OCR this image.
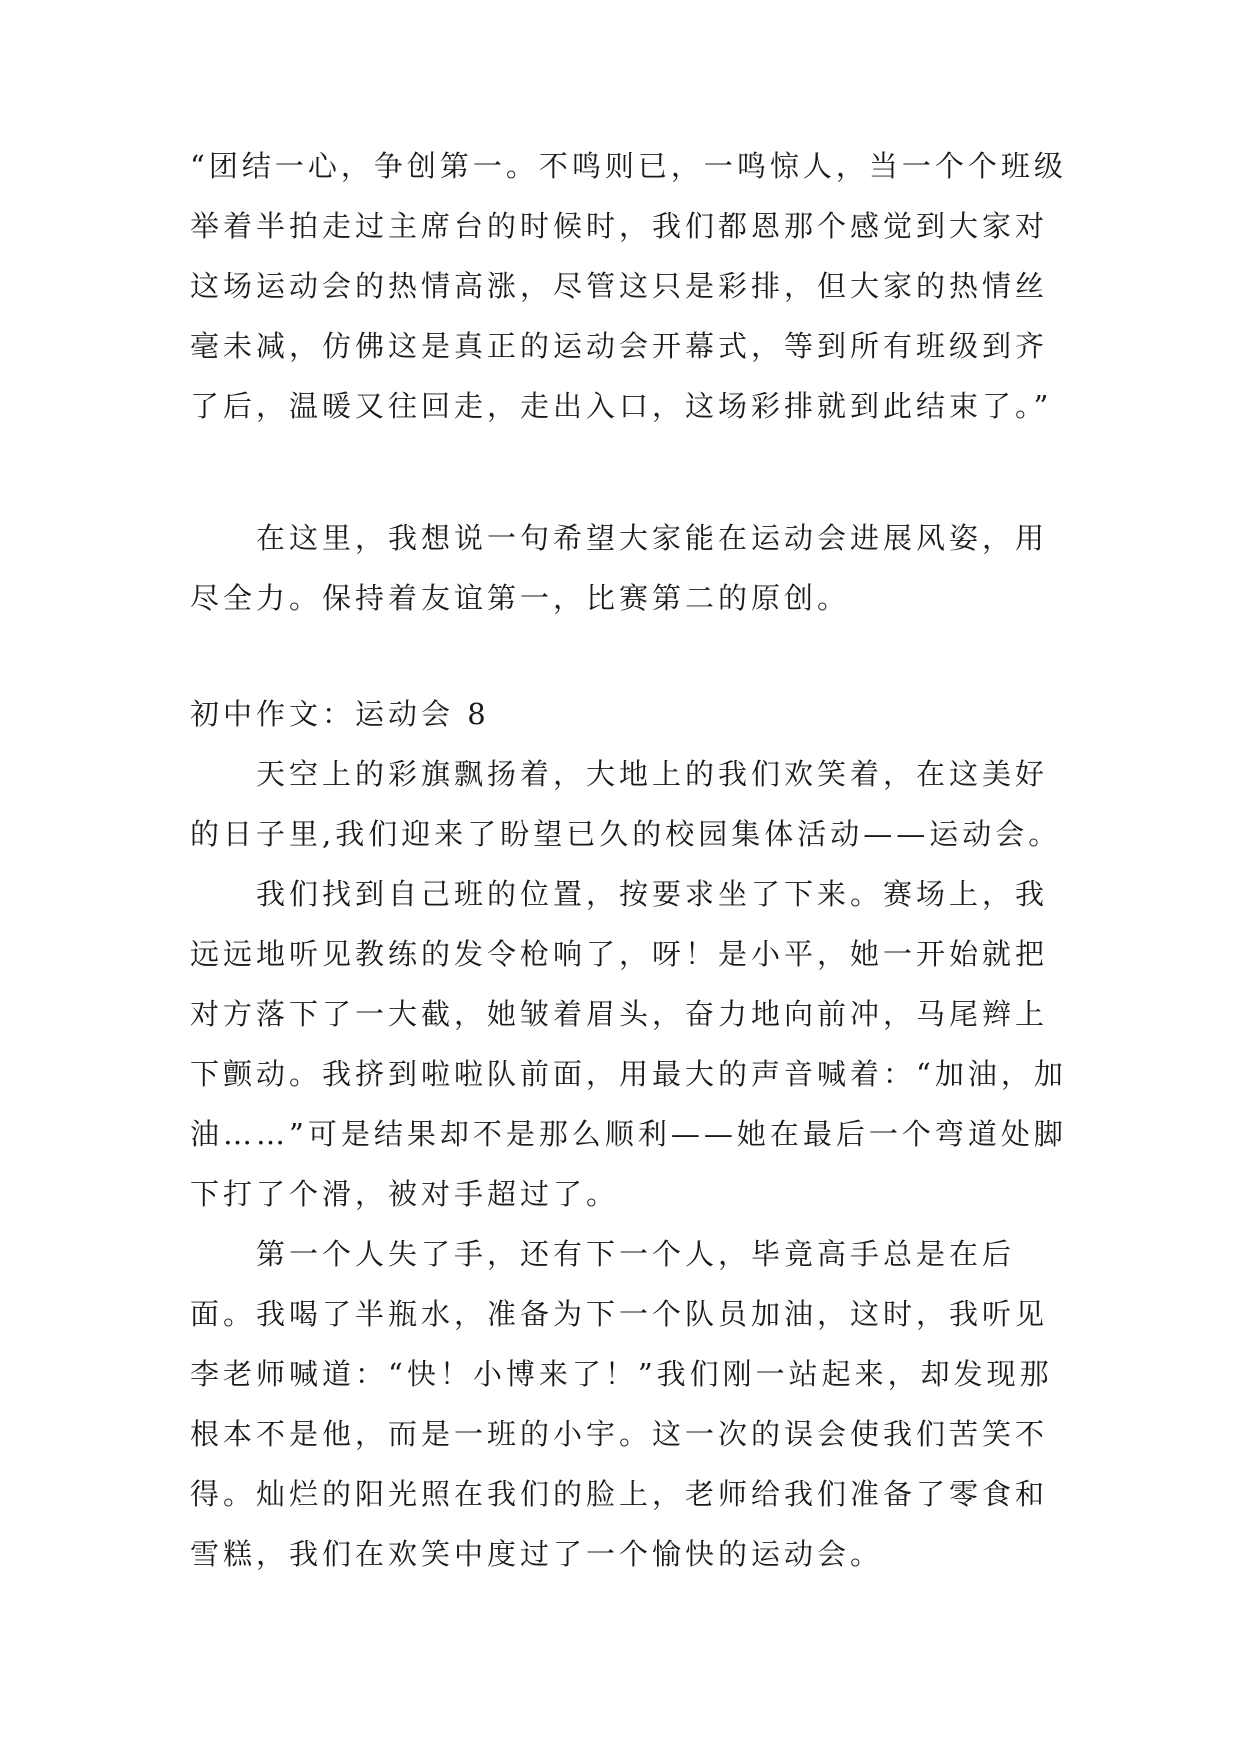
“团结一心，争创第一。不鸣则已，一鸣惊人，当一个个班级举着半拍走过主席台的时候时，我们都恩那个感觉到大家对这场运动会的热情高涨，尽管这只是彩排，但大家的热情丝毫未减，仿佛这是真正的运动会开幕式，等到所有班级到齐了后，温暖又往回走，走出入口，这场彩排就到此结束了。”

在这里，我想说一句希望大家能在运动会进展风姿，用尽全力。保持着友谊第一，比赛第二的原创。

初中作文：运动会 8

天空上的彩旗飘扬着，大地上的我们欢笑着，在这美好的日子里,我们迎来了盼望已久的校园集体活动——运动会。

我们找到自己班的位置，按要求坐了下来。赛场上，我远远地听见教练的发令枪响了，呀！是小平，她一开始就把对方落下了一大截，她皱着眉头，奋力地向前冲，马尾辫上下颤动。我挤到啦啦队前面，用最大的声音喊着：“加油，加油……”可是结果却不是那么顺利——她在最后一个弯道处脚下打了个滑，被对手超过了。

第一个人失了手，还有下一个人，毕竟高手总是在后面。我喝了半瓶水，准备为下一个队员加油，这时，我听见李老师喊道：“快！小博来了！”我们刚一站起来，却发现那根本不是他，而是一班的小宇。这一次的误会使我们苦笑不得。 灿烂的阳光照在我们的脸上，老师给我们准备了零食和雪糕，我们在欢笑中度过了一个愉快的运动会。
